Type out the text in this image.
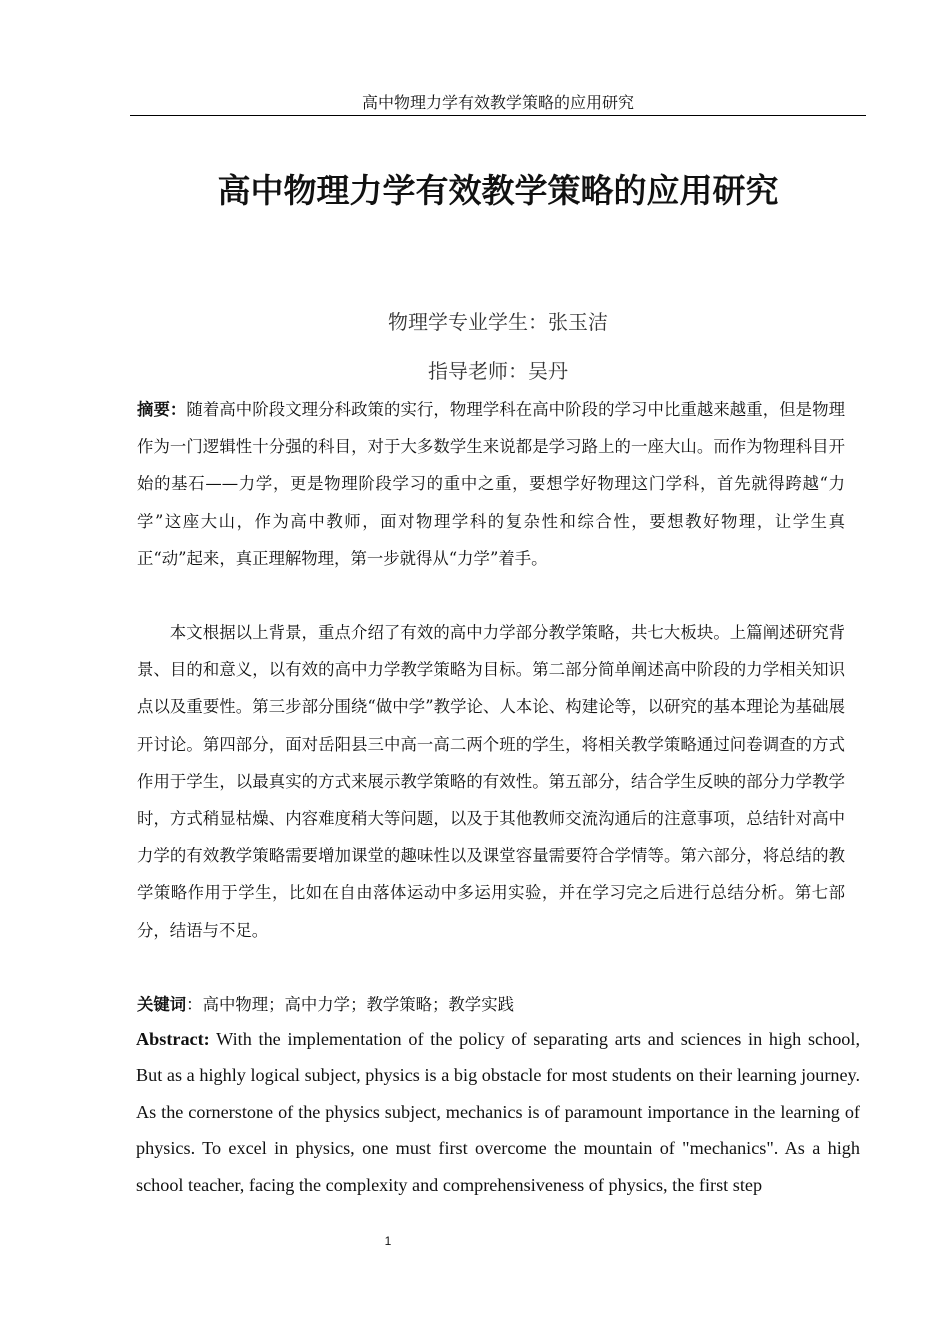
高中物理力学有效教学策略的应用研究
高中物理力学有效教学策略的应用研究
物理学专业学生：张玉洁
指导老师：吴丹

摘要：随着高中阶段文理分科政策的实行，物理学科在高中阶段的学习中比重越来越重，但是物理作为一门逻辑性十分强的科目，对于大多数学生来说都是学习路上的一座大山。而作为物理科目开始的基石——力学，更是物理阶段学习的重中之重，要想学好物理这门学科，首先就得跨越“力学”这座大山，作为高中教师，面对物理学科的复杂性和综合性，要想教好物理，让学生真正“动”起来，真正理解物理，第一步就得从“力学”着手。

本文根据以上背景，重点介绍了有效的高中力学部分教学策略，共七大板块。上篇阐述研究背景、目的和意义，以有效的高中力学教学策略为目标。第二部分简单阐述高中阶段的力学相关知识点以及重要性。第三步部分围绕“做中学”教学论、人本论、构建论等，以研究的基本理论为基础展开讨论。第四部分，面对岳阳县三中高一高二两个班的学生，将相关教学策略通过问卷调查的方式作用于学生，以最真实的方式来展示教学策略的有效性。第五部分，结合学生反映的部分力学教学时，方式稍显枯燥、内容难度稍大等问题，以及于其他教师交流沟通后的注意事项，总结针对高中力学的有效教学策略需要增加课堂的趣味性以及课堂容量需要符合学情等。第六部分，将总结的教学策略作用于学生，比如在自由落体运动中多运用实验，并在学习完之后进行总结分析。第七部分，结语与不足。

关键词：高中物理；高中力学；教学策略；教学实践

Abstract: With the implementation of the policy of separating arts and sciences in high school, But as a highly logical subject, physics is a big obstacle for most students on their learning journey. As the cornerstone of the physics subject, mechanics is of paramount importance in the learning of physics. To excel in physics, one must first overcome the mountain of "mechanics". As a high school teacher, facing the complexity and comprehensiveness of physics, the first step

1
